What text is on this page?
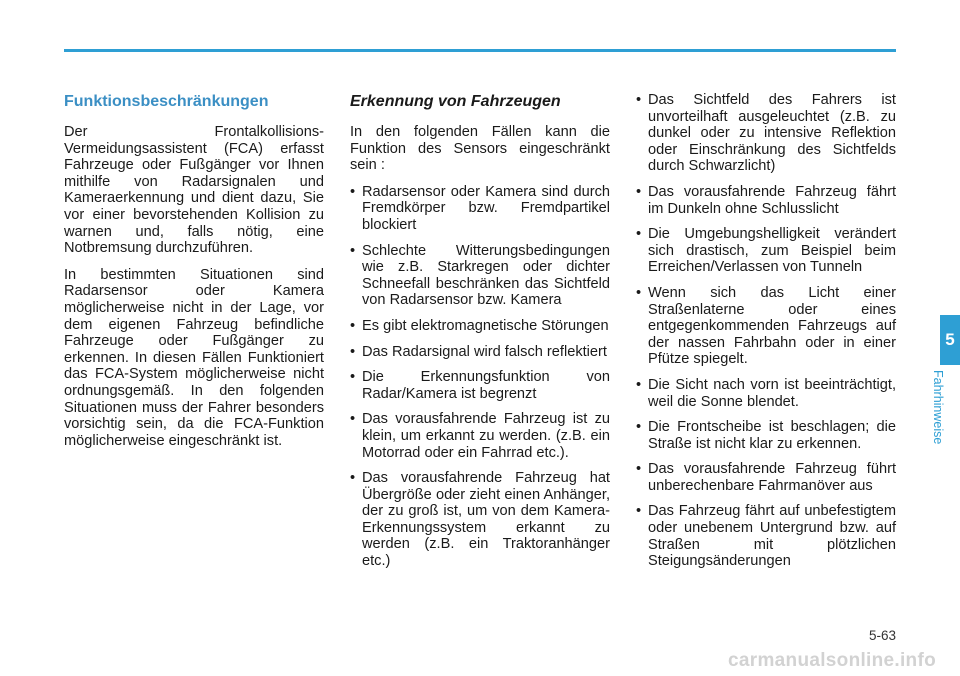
Funktionsbeschränkungen

Der Frontalkollisions-Vermeidungsassistent (FCA) erfasst Fahrzeuge oder Fußgänger vor Ihnen mithilfe von Radarsignalen und Kameraerkennung und dient dazu, Sie vor einer bevorstehenden Kollision zu warnen und, falls nötig, eine Notbremsung durchzuführen.

In bestimmten Situationen sind Radarsensor oder Kamera möglicherweise nicht in der Lage, vor dem eigenen Fahrzeug befindliche Fahrzeuge oder Fußgänger zu erkennen. In diesen Fällen Funktioniert das FCA-System möglicherweise nicht ordnungsgemäß. In den folgenden Situationen muss der Fahrer besonders vorsichtig sein, da die FCA-Funktion möglicherweise eingeschränkt ist.

Erkennung von Fahrzeugen

In den folgenden Fällen kann die Funktion des Sensors eingeschränkt sein :

• Radarsensor oder Kamera sind durch Fremdkörper bzw. Fremdpartikel blockiert
• Schlechte Witterungsbedingungen wie z.B. Starkregen oder dichter Schneefall beschränken das Sichtfeld von Radarsensor bzw. Kamera
• Es gibt elektromagnetische Störungen
• Das Radarsignal wird falsch reflektiert
• Die Erkennungsfunktion von Radar/Kamera ist begrenzt
• Das vorausfahrende Fahrzeug ist zu klein, um erkannt zu werden. (z.B. ein Motorrad oder ein Fahrrad etc.).
• Das vorausfahrende Fahrzeug hat Übergröße oder zieht einen Anhänger, der zu groß ist, um von dem Kamera-Erkennungssystem erkannt zu werden (z.B. ein Traktoranhänger etc.)
• Das Sichtfeld des Fahrers ist unvorteilhaft ausgeleuchtet (z.B. zu dunkel oder zu intensive Reflektion oder Einschränkung des Sichtfelds durch Schwarzlicht)
• Das vorausfahrende Fahrzeug fährt im Dunkeln ohne Schlusslicht
• Die Umgebungshelligkeit verändert sich drastisch, zum Beispiel beim Erreichen/Verlassen von Tunneln
• Wenn sich das Licht einer Straßenlaterne oder eines entgegenkommenden Fahrzeugs auf der nassen Fahrbahn oder in einer Pfütze spiegelt.
• Die Sicht nach vorn ist beeinträchtigt, weil die Sonne blendet.
• Die Frontscheibe ist beschlagen; die Straße ist nicht klar zu erkennen.
• Das vorausfahrende Fahrzeug führt unberechenbare Fahrmanöver aus
• Das Fahrzeug fährt auf unbefestigtem oder unebenem Untergrund bzw. auf Straßen mit plötzlichen Steigungsänderungen
5
Fahrhinweise
5-63
carmanualsonline.info
